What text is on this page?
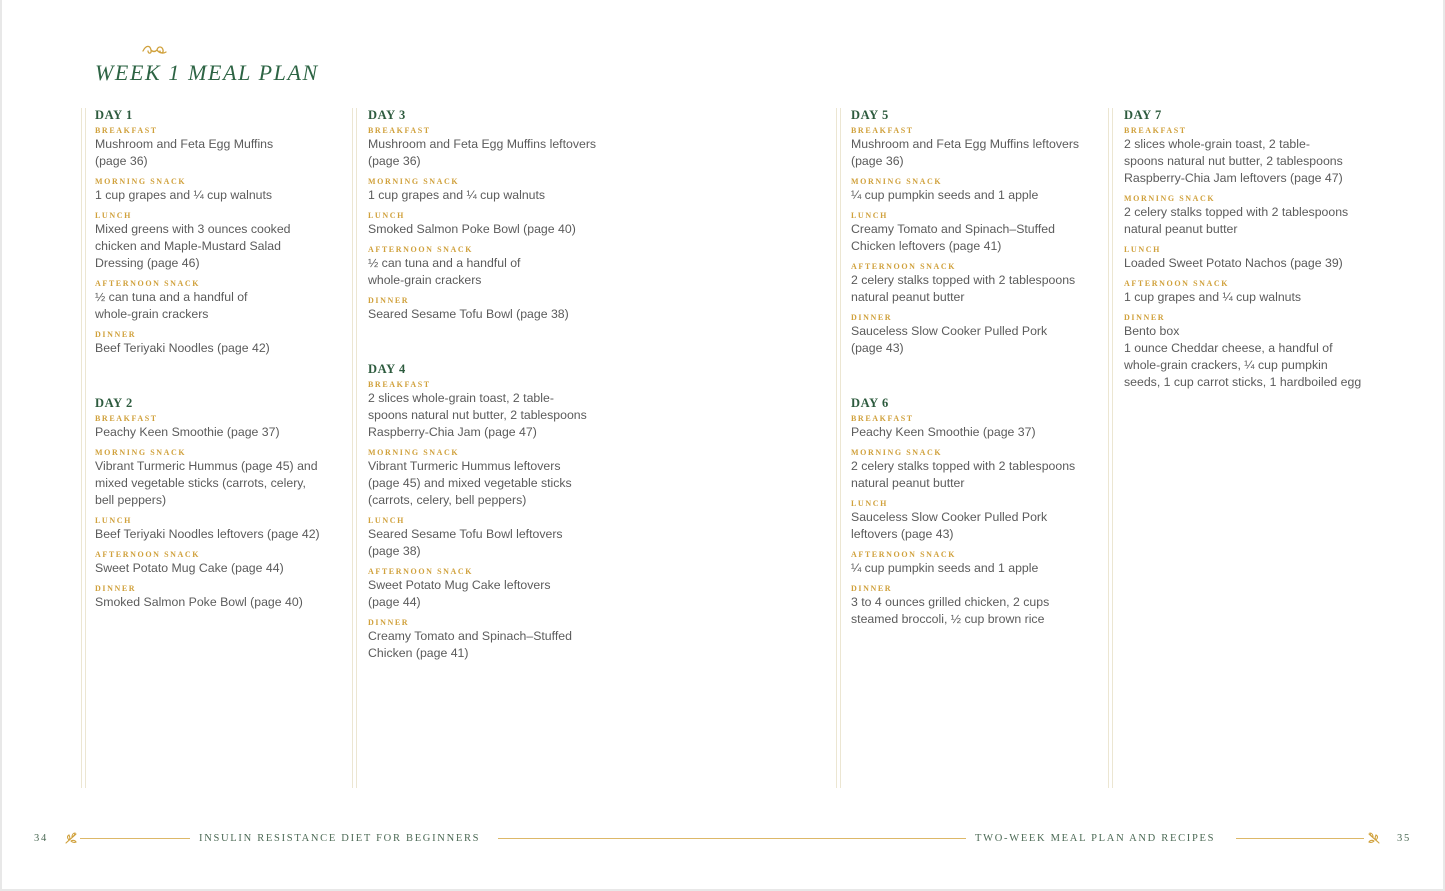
WEEK 1 MEAL PLAN
DAY 1
BREAKFAST
Mushroom and Feta Egg Muffins
(page 36)
MORNING SNACK
1 cup grapes and ¼ cup walnuts
LUNCH
Mixed greens with 3 ounces cooked
chicken and Maple-Mustard Salad
Dressing (page 46)
AFTERNOON SNACK
½ can tuna and a handful of
whole-grain crackers
DINNER
Beef Teriyaki Noodles (page 42)
DAY 2
BREAKFAST
Peachy Keen Smoothie (page 37)
MORNING SNACK
Vibrant Turmeric Hummus (page 45) and
mixed vegetable sticks (carrots, celery,
bell peppers)
LUNCH
Beef Teriyaki Noodles leftovers (page 42)
AFTERNOON SNACK
Sweet Potato Mug Cake (page 44)
DINNER
Smoked Salmon Poke Bowl (page 40)
DAY 3
BREAKFAST
Mushroom and Feta Egg Muffins leftovers
(page 36)
MORNING SNACK
1 cup grapes and ¼ cup walnuts
LUNCH
Smoked Salmon Poke Bowl (page 40)
AFTERNOON SNACK
½ can tuna and a handful of
whole-grain crackers
DINNER
Seared Sesame Tofu Bowl (page 38)
DAY 4
BREAKFAST
2 slices whole-grain toast, 2 table-
spoons natural nut butter, 2 tablespoons
Raspberry-Chia Jam (page 47)
MORNING SNACK
Vibrant Turmeric Hummus leftovers
(page 45) and mixed vegetable sticks
(carrots, celery, bell peppers)
LUNCH
Seared Sesame Tofu Bowl leftovers
(page 38)
AFTERNOON SNACK
Sweet Potato Mug Cake leftovers
(page 44)
DINNER
Creamy Tomato and Spinach–Stuffed
Chicken (page 41)
DAY 5
BREAKFAST
Mushroom and Feta Egg Muffins leftovers
(page 36)
MORNING SNACK
¼ cup pumpkin seeds and 1 apple
LUNCH
Creamy Tomato and Spinach–Stuffed
Chicken leftovers (page 41)
AFTERNOON SNACK
2 celery stalks topped with 2 tablespoons
natural peanut butter
DINNER
Sauceless Slow Cooker Pulled Pork
(page 43)
DAY 6
BREAKFAST
Peachy Keen Smoothie (page 37)
MORNING SNACK
2 celery stalks topped with 2 tablespoons
natural peanut butter
LUNCH
Sauceless Slow Cooker Pulled Pork
leftovers (page 43)
AFTERNOON SNACK
¼ cup pumpkin seeds and 1 apple
DINNER
3 to 4 ounces grilled chicken, 2 cups
steamed broccoli, ½ cup brown rice
DAY 7
BREAKFAST
2 slices whole-grain toast, 2 table-
spoons natural nut butter, 2 tablespoons
Raspberry-Chia Jam leftovers (page 47)
MORNING SNACK
2 celery stalks topped with 2 tablespoons
natural peanut butter
LUNCH
Loaded Sweet Potato Nachos (page 39)
AFTERNOON SNACK
1 cup grapes and ¼ cup walnuts
DINNER
Bento box
1 ounce Cheddar cheese, a handful of
whole-grain crackers, ¼ cup pumpkin
seeds, 1 cup carrot sticks, 1 hardboiled egg
34	INSULIN RESISTANCE DIET FOR BEGINNERS	TWO-WEEK MEAL PLAN AND RECIPES	35
